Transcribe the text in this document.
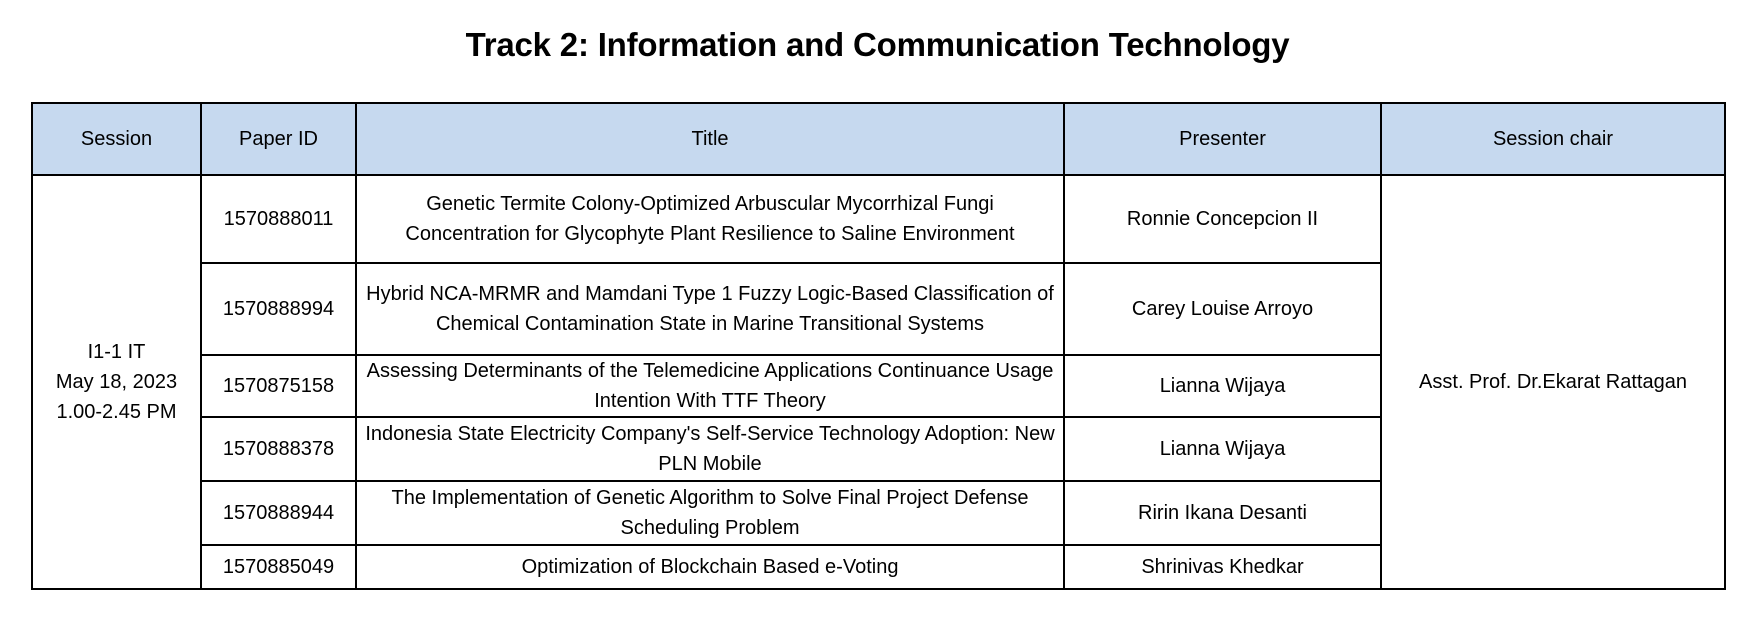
Track 2: Information and Communication Technology
Session	Paper ID	Title	Presenter	Session chair

I1-1 IT
May 18, 2023
1.00-2.45 PM	1570888011	Genetic Termite Colony-Optimized Arbuscular Mycorrhizal Fungi Concentration for Glycophyte Plant Resilience to Saline Environment	Ronnie Concepcion II	Asst. Prof. Dr.Ekarat Rattagan
	1570888994	Hybrid NCA-MRMR and Mamdani Type 1 Fuzzy Logic-Based Classification of Chemical Contamination State in Marine Transitional Systems	Carey Louise Arroyo	
	1570875158	Assessing Determinants of the Telemedicine Applications Continuance Usage Intention With TTF Theory	Lianna Wijaya	
	1570888378	Indonesia State Electricity Company's Self-Service Technology Adoption: New PLN Mobile	Lianna Wijaya	
	1570888944	The Implementation of Genetic Algorithm to Solve Final Project Defense Scheduling Problem	Ririn Ikana Desanti	
	1570885049	Optimization of Blockchain Based e-Voting	Shrinivas Khedkar	
